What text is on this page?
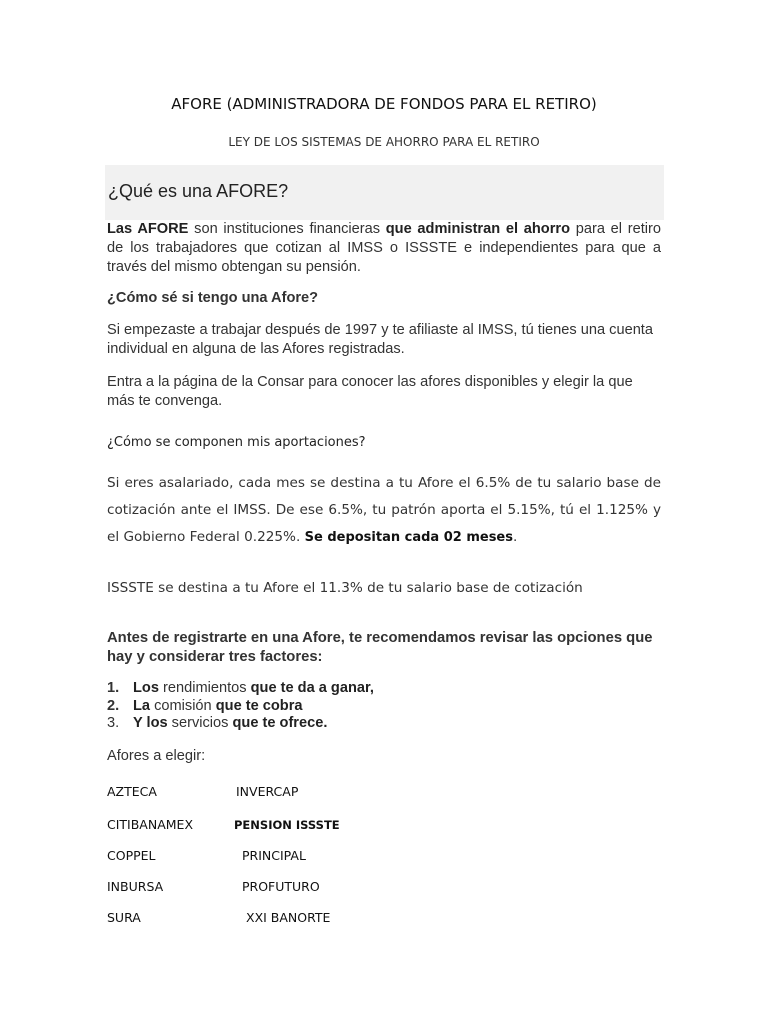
AFORE (ADMINISTRADORA DE FONDOS PARA EL RETIRO)
LEY DE LOS SISTEMAS DE AHORRO PARA EL RETIRO
¿Qué es una AFORE?
Las AFORE son instituciones financieras que administran el ahorro para el retiro de los trabajadores que cotizan al IMSS o ISSSTE e independientes para que a través del mismo obtengan su pensión.
¿Cómo sé si tengo una Afore?
Si empezaste a trabajar después de 1997 y te afiliaste al IMSS, tú tienes una cuenta individual en alguna de las Afores registradas.
Entra a la página de la Consar para conocer las afores disponibles y elegir la que más te convenga.
¿Cómo se componen mis aportaciones?
Si eres asalariado, cada mes se destina a tu Afore el 6.5% de tu salario base de cotización ante el IMSS. De ese 6.5%, tu patrón aporta el 5.15%, tú el 1.125% y el Gobierno Federal 0.225%. Se depositan cada 02 meses.
ISSSTE se destina a tu Afore el 11.3% de tu salario base de cotización
Antes de registrarte en una Afore, te recomendamos revisar las opciones que hay y considerar tres factores:
1. Los rendimientos que te da a ganar,
2. La comisión que te cobra
3. Y los servicios que te ofrece.
Afores a elegir:
AZTECA
CITIBANAMEX
COPPEL
INBURSA
SURA
INVERCAP
PENSION ISSSTE
PRINCIPAL
PROFUTURO
XXI BANORTE
